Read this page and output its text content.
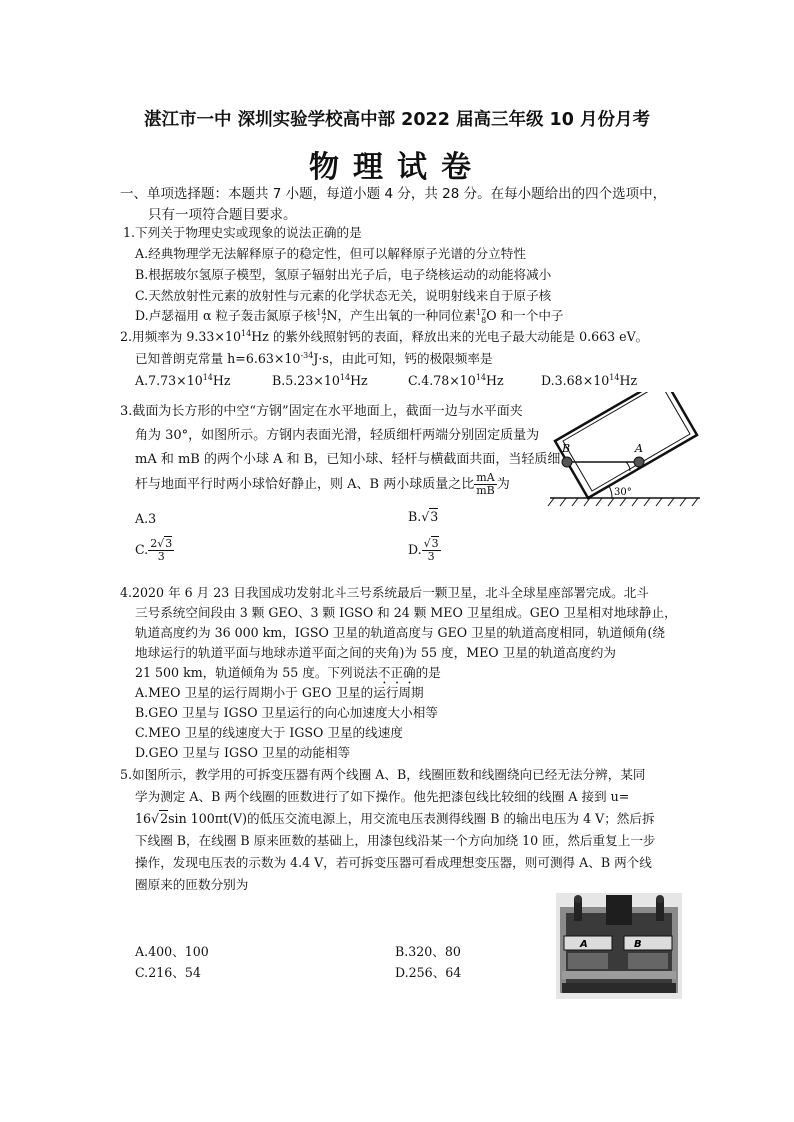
湛江市一中 深圳实验学校高中部 2022 届高三年级 10 月份月考
物理试卷
一、单项选择题：本题共 7 小题，每道小题 4 分，共 28 分。在每小题给出的四个选项中，
只有一项符合题目要求。
1.下列关于物理史实或现象的说法正确的是
A.经典物理学无法解释原子的稳定性，但可以解释原子光谱的分立特性
B.根据玻尔氢原子模型，氢原子辐射出光子后，电子绕核运动的动能将减小
C.天然放射性元素的放射性与元素的化学状态无关，说明射线来自于原子核
D.卢瑟福用 α 粒子轰击氮原子核 14
7 N，产生出氧的一种同位素 17
8 O 和一个中子
2.用频率为 $9.33\times 10^{14}Hz$ 的紫外线照射钙的表面，释放出来的光电子最大动能是 0.663 eV。
已知普朗克常量 $h=6.63\times 10^{-34}J\cdot s$，由此可知，钙的极限频率是
$A.7.73\times 10^{14}Hz$	$B.5.23\times 10^{14}Hz$	$C.4.78\times 10^{14}Hz$	$D.3.68\times 10^{14}Hz$
3.截面为长方形的中空“方钢”固定在水平地面上，截面一边与水平面夹
角为 30°，如图所示。方钢内表面光滑，轻质细杆两端分别固定质量为
mA 和 mB 的两个小球 A 和 B，已知小球、轻杆与横截面共面，当轻质细
杆与地面平行时两小球恰好静止，则 A、B 两小球质量之比 $\frac{mA}{mB}$ 为
A.3	B.√3
C. $\frac{2√3}{3}$	D. $\frac{√3}{3}$
B	A
30°
4.2020 年 6 月 23 日我国成功发射北斗三号系统最后一颗卫星，北斗全球星座部署完成。北斗
三号系统空间段由 3 颗 GEO、3 颗 IGSO 和 24 颗 MEO 卫星组成。GEO 卫星相对地球静止，
轨道高度约为 36 000 km，IGSO 卫星的轨道高度与 GEO 卫星的轨道高度相同，轨道倾角(绕
地球运行的轨道平面与地球赤道平面之间的夹角)为 55 度，MEO 卫星的轨道高度约为
21 500 km，轨道倾角为 55 度。下列说法不正确的是
A.MEO 卫星的运行周期小于 GEO 卫星的运行周期
B.GEO 卫星与 IGSO 卫星运行的向心加速度大小相等
C.MEO 卫星的线速度大于 IGSO 卫星的线速度
D.GEO 卫星与 IGSO 卫星的动能相等
5.如图所示，教学用的可拆变压器有两个线圈 A、B，线圈匝数和线圈绕向已经无法分辨，某同
学为测定 A、B 两个线圈的匝数进行了如下操作。他先把漆包线比较细的线圈 A 接到 u=
16√2sin 100πt(V)的低压交流电源上，用交流电压表测得线圈 B 的输出电压为 4 V；然后拆
下线圈 B，在线圈 B 原来匝数的基础上，用漆包线沿某一个方向加绕 10 匝，然后重复上一步
操作，发现电压表的示数为 4.4 V，若可拆变压器可看成理想变压器，则可测得 A、B 两个线
圈原来的匝数分别为
A.400、100	B.320、80
C.216、54	D.256、64
A	B
